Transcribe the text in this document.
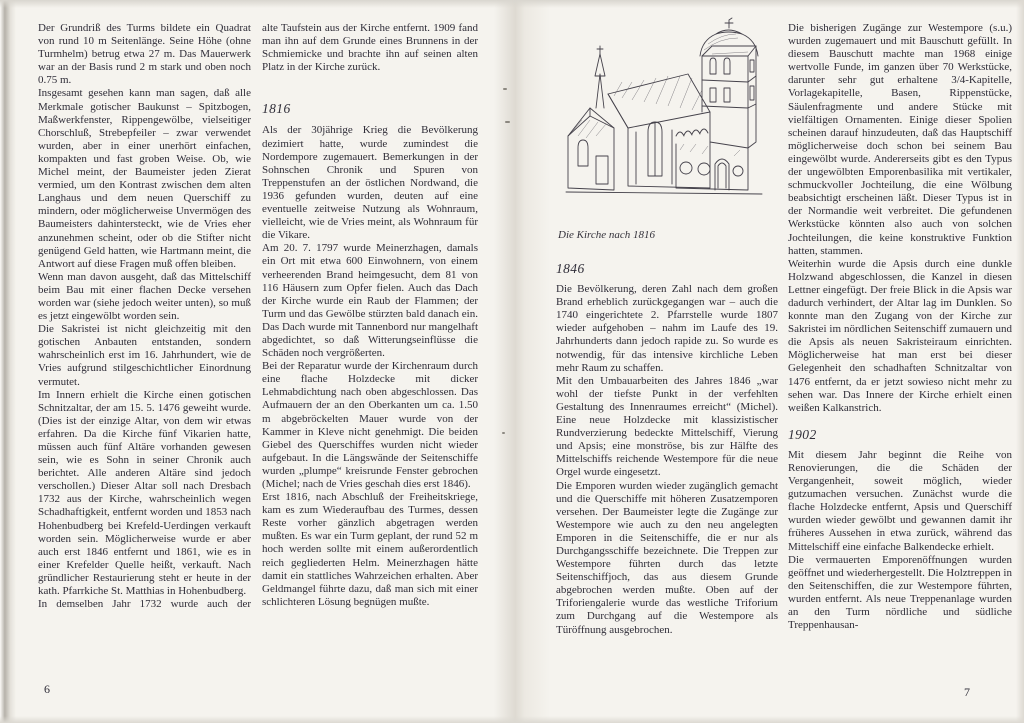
Der Grundriß des Turms bildete ein Quadrat von rund 10 m Seitenlänge. Seine Höhe (ohne Turmhelm) betrug etwa 27 m. Das Mauerwerk war an der Basis rund 2 m stark und oben noch 0.75 m.

Insgesamt gesehen kann man sagen, daß alle Merkmale gotischer Baukunst – Spitzbogen, Maßwerkfenster, Rippengewölbe, vielseitiger Chorschluß, Strebepfeiler – zwar verwendet wurden, aber in einer unerhört einfachen, kompakten und fast groben Weise. Ob, wie Michel meint, der Baumeister jeden Zierat vermied, um den Kontrast zwischen dem alten Langhaus und dem neuen Querschiff zu mindern, oder möglicherweise Unvermögen des Baumeisters dahintersteckt, wie de Vries eher anzunehmen scheint, oder ob die Stifter nicht genügend Geld hatten, wie Hartmann meint, die Antwort auf diese Fragen muß offen bleiben.

Wenn man davon ausgeht, daß das Mittelschiff beim Bau mit einer flachen Decke versehen worden war (siehe jedoch weiter unten), so muß es jetzt eingewölbt worden sein.

Die Sakristei ist nicht gleichzeitig mit den gotischen Anbauten entstanden, sondern wahrscheinlich erst im 16. Jahrhundert, wie de Vries aufgrund stilgeschichtlicher Einordnung vermutet.

Im Innern erhielt die Kirche einen gotischen Schnitzaltar, der am 15. 5. 1476 geweiht wurde. (Dies ist der einzige Altar, von dem wir etwas erfahren. Da die Kirche fünf Vikarien hatte, müssen auch fünf Altäre vorhanden gewesen sein, wie es Sohn in seiner Chronik auch berichtet. Alle anderen Altäre sind jedoch verschollen.) Dieser Altar soll nach Dresbach 1732 aus der Kirche, wahrscheinlich wegen Schadhaftigkeit, entfernt worden und 1853 nach Hohenbudberg bei Krefeld-Uerdingen verkauft worden sein. Möglicherweise wurde er aber auch erst 1846 entfernt und 1861, wie es in einer Krefelder Quelle heißt, verkauft. Nach gründlicher Restaurierung steht er heute in der kath. Pfarrkiche St. Matthias in Hohenbudberg.

In demselben Jahr 1732 wurde auch der

alte Taufstein aus der Kirche entfernt. 1909 fand man ihn auf dem Grunde eines Brunnens in der Schmiemicke und brachte ihn auf seinen alten Platz in der Kirche zurück.

1816

Als der 30jährige Krieg die Bevölkerung dezimiert hatte, wurde zumindest die Nordempore zugemauert. Bemerkungen in der Sohnschen Chronik und Spuren von Treppenstufen an der östlichen Nordwand, die 1936 gefunden wurden, deuten auf eine eventuelle zeitweise Nutzung als Wohnraum, vielleicht, wie de Vries meint, als Wohnraum für die Vikare.

Am 20. 7. 1797 wurde Meinerzhagen, damals ein Ort mit etwa 600 Einwohnern, von einem verheerenden Brand heimgesucht, dem 81 von 116 Häusern zum Opfer fielen. Auch das Dach der Kirche wurde ein Raub der Flammen; der Turm und das Gewölbe stürzten bald danach ein. Das Dach wurde mit Tannenbord nur mangelhaft abgedichtet, so daß Witterungseinflüsse die Schäden noch vergrößerten.

Bei der Reparatur wurde der Kirchenraum durch eine flache Holzdecke mit dicker Lehmabdichtung nach oben abgeschlossen. Das Aufmauern der an den Oberkanten um ca. 1.50 m abgebröckelten Mauer wurde von der Kammer in Kleve nicht genehmigt. Die beiden Giebel des Querschiffes wurden nicht wieder aufgebaut. In die Längswände der Seitenschiffe wurden „plumpe“ kreisrunde Fenster gebrochen (Michel; nach de Vries geschah dies erst 1846).

Erst 1816, nach Abschluß der Freiheitskriege, kam es zum Wiederaufbau des Turmes, dessen Reste vorher gänzlich abgetragen werden mußten. Es war ein Turm geplant, der rund 52 m hoch werden sollte mit einem außerordentlich reich gegliederten Helm. Meinerzhagen hätte damit ein stattliches Wahrzeichen erhalten. Aber Geldmangel führte dazu, daß man sich mit einer schlichteren Lösung begnügen mußte.

Die Kirche nach 1816
1846

Die Bevölkerung, deren Zahl nach dem großen Brand erheblich zurückgegangen war – auch die 1740 eingerichtete 2. Pfarrstelle wurde 1807 wieder aufgehoben – nahm im Laufe des 19. Jahrhunderts dann jedoch rapide zu. So wurde es notwendig, für das intensive kirchliche Leben mehr Raum zu schaffen.

Mit den Umbauarbeiten des Jahres 1846 „war wohl der tiefste Punkt in der verfehlten Gestaltung des Innenraumes erreicht“ (Michel). Eine neue Holzdecke mit klassizistischer Rundverzierung bedeckte Mittelschiff, Vierung und Apsis; eine monströse, bis zur Hälfte des Mittelschiffs reichende Westempore für die neue Orgel wurde eingesetzt.

Die Emporen wurden wieder zugänglich gemacht und die Querschiffe mit höheren Zusatzemporen versehen. Der Baumeister legte die Zugänge zur Westempore wie auch zu den neu angelegten Emporen in die Seitenschiffe, die er nur als Durchgangsschiffe bezeichnete. Die Treppen zur Westempore führten durch das letzte Seitenschiffjoch, das aus diesem Grunde abgebrochen werden mußte. Oben auf der Triforiengalerie wurde das westliche Triforium zum Durchgang auf die Westempore als Türöffnung ausgebrochen.

Die bisherigen Zugänge zur Westempore (s.u.) wurden zugemauert und mit Bauschutt gefüllt. In diesem Bauschutt machte man 1968 einige wertvolle Funde, im ganzen über 70 Werkstücke, darunter sehr gut erhaltene 3/4-Kapitelle, Vorlagekapitelle, Basen, Rippenstücke, Säulenfragmente und andere Stücke mit vielfältigen Ornamenten. Einige dieser Spolien scheinen darauf hinzudeuten, daß das Hauptschiff möglicherweise doch schon bei seinem Bau eingewölbt wurde. Andererseits gibt es den Typus der ungewölbten Emporenbasilika mit vertikaler, schmuckvoller Jochteilung, die eine Wölbung beabsichtigt erscheinen läßt. Dieser Typus ist in der Normandie weit verbreitet. Die gefundenen Werkstücke könnten also auch von solchen Jochteilungen, die keine konstruktive Funktion hatten, stammen.

Weiterhin wurde die Apsis durch eine dunkle Holzwand abgeschlossen, die Kanzel in diesen Lettner eingefügt. Der freie Blick in die Apsis war dadurch verhindert, der Altar lag im Dunklen. So konnte man den Zugang von der Kirche zur Sakristei im nördlichen Seitenschiff zumauern und die Apsis als neuen Sakristeiraum einrichten. Möglicherweise hat man erst bei dieser Gelegenheit den schadhaften Schnitzaltar von 1476 entfernt, da er jetzt sowieso nicht mehr zu sehen war. Das Innere der Kirche erhielt einen weißen Kalkanstrich.

1902

Mit diesem Jahr beginnt die Reihe von Renovierungen, die die Schäden der Vergangenheit, soweit möglich, wieder gutzumachen versuchen. Zunächst wurde die flache Holzdecke entfernt, Apsis und Querschiff wurden wieder gewölbt und gewannen damit ihr früheres Aussehen in etwa zurück, während das Mittelschiff eine einfache Balkendecke erhielt.

Die vermauerten Emporenöffnungen wurden geöffnet und wiederhergestellt. Die Holztreppen in den Seitenschiffen, die zur Westempore führten, wurden entfernt. Als neue Treppenanlage wurden an den Turm nördliche und südliche Treppenhausan-

6	7
